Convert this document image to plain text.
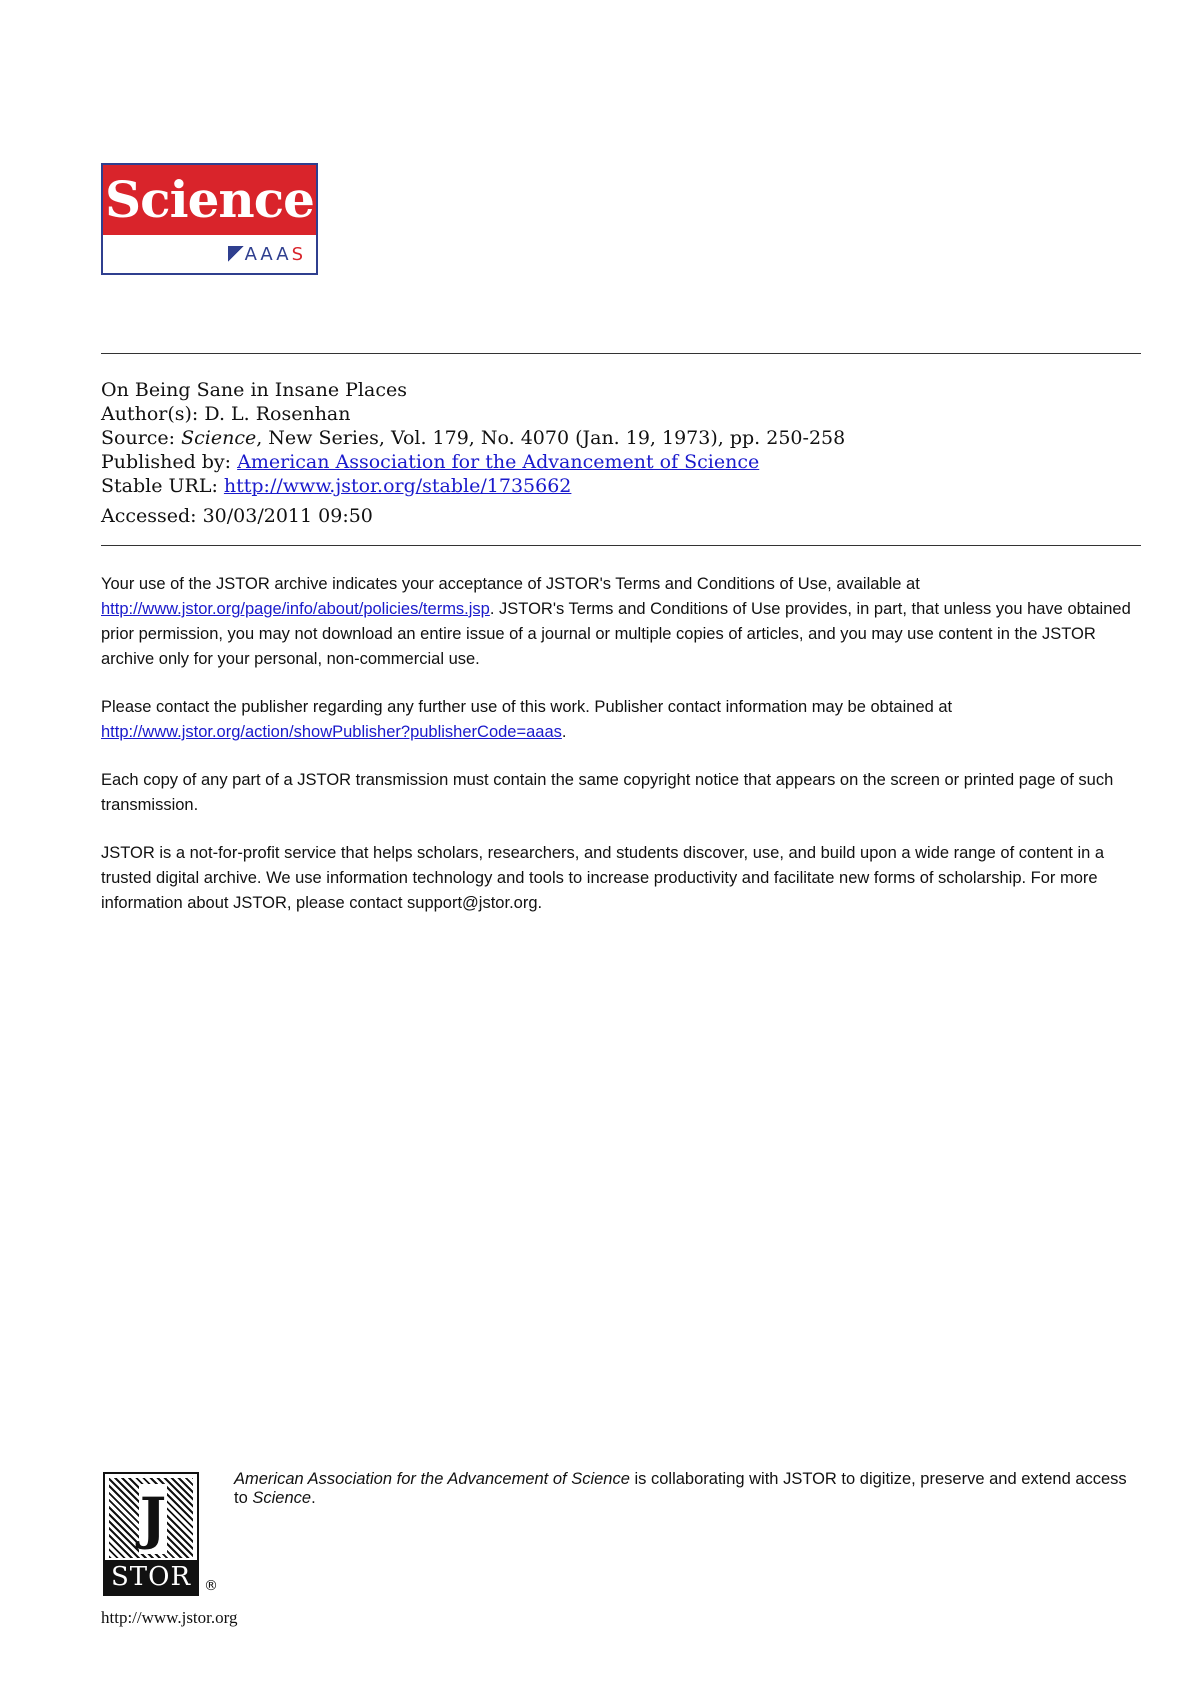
Science
AAA S
On Being Sane in Insane Places
Author(s): D. L. Rosenhan
Source: Science, New Series, Vol. 179, No. 4070 (Jan. 19, 1973), pp. 250-258
Published by: American Association for the Advancement of Science
Stable URL: http://www.jstor.org/stable/1735662
Accessed: 30/03/2011 09:50

Your use of the JSTOR archive indicates your acceptance of JSTOR's Terms and Conditions of Use, available at http://www.jstor.org/page/info/about/policies/terms.jsp. JSTOR's Terms and Conditions of Use provides, in part, that unless you have obtained prior permission, you may not download an entire issue of a journal or multiple copies of articles, and you may use content in the JSTOR archive only for your personal, non-commercial use.

Please contact the publisher regarding any further use of this work. Publisher contact information may be obtained at http://www.jstor.org/action/showPublisher?publisherCode=aaas.

Each copy of any part of a JSTOR transmission must contain the same copyright notice that appears on the screen or printed page of such transmission.

JSTOR is a not-for-profit service that helps scholars, researchers, and students discover, use, and build upon a wide range of content in a trusted digital archive. We use information technology and tools to increase productivity and facilitate new forms of scholarship. For more information about JSTOR, please contact support@jstor.org.

J
STOR ®
American Association for the Advancement of Science is collaborating with JSTOR to digitize, preserve and extend access to Science.
http://www.jstor.org
